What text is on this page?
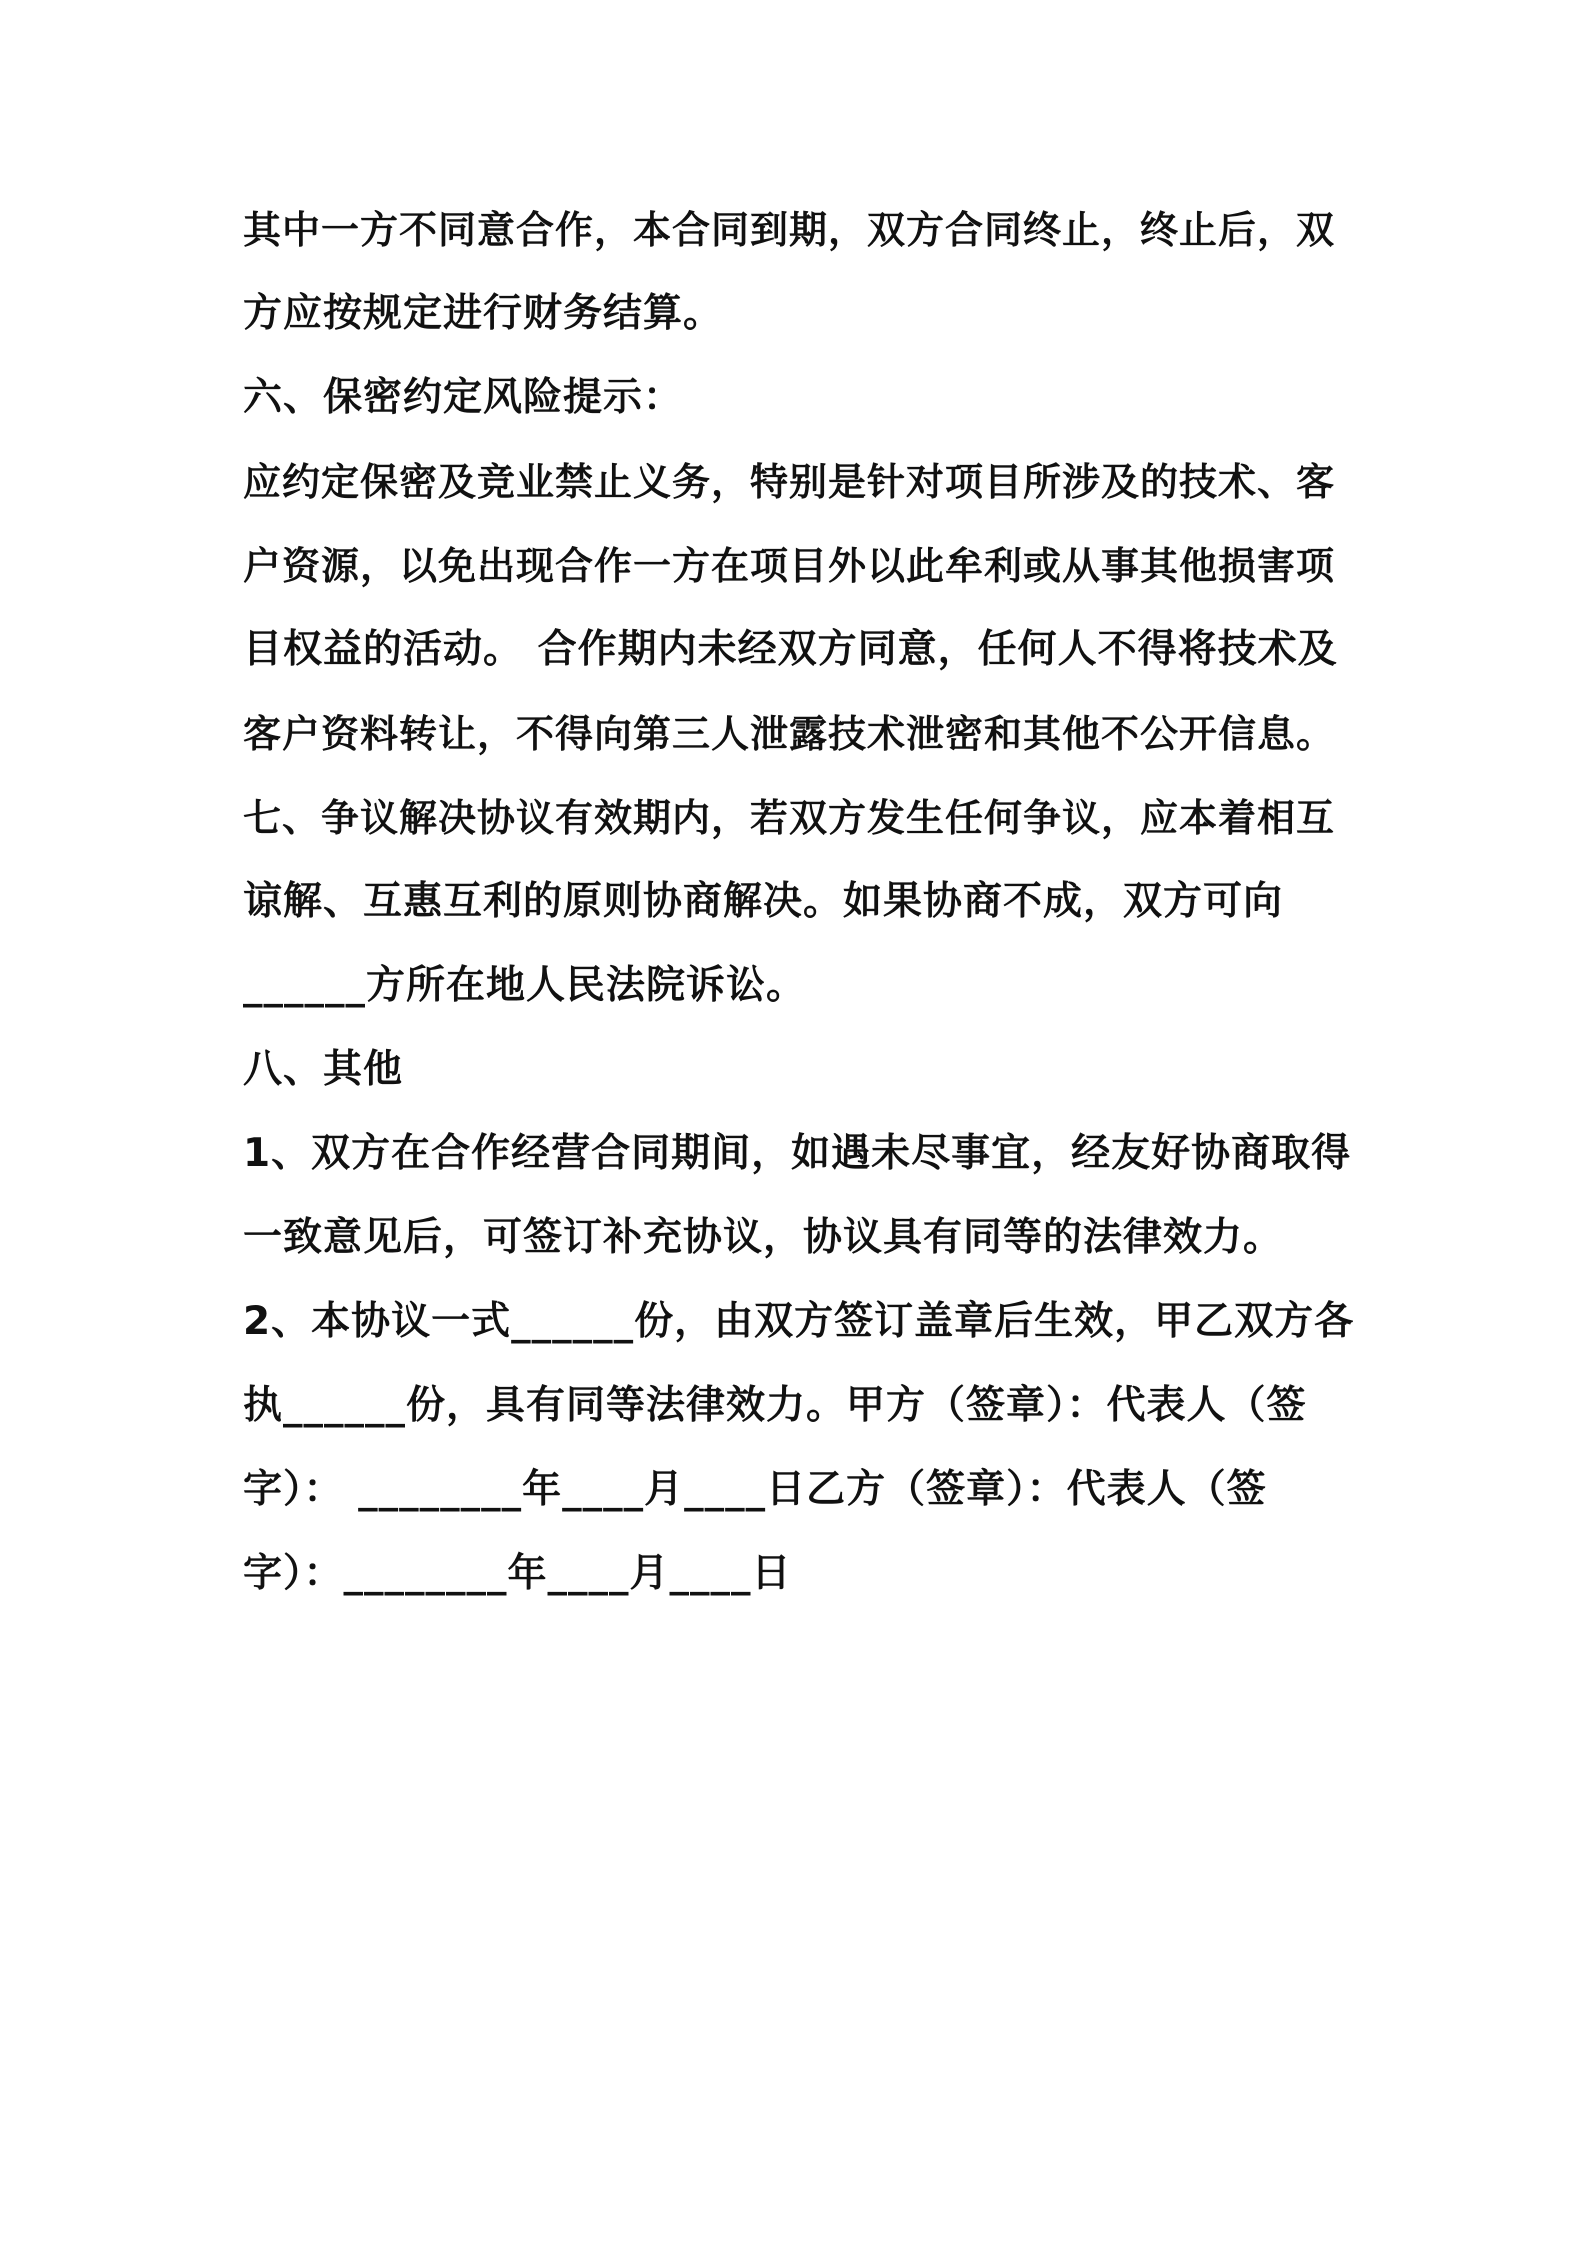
其中一方不同意合作，本合同到期，双方合同终止，终止后，双

方应按规定进行财务结算。

六、保密约定风险提示：

应约定保密及竞业禁止义务，特别是针对项目所涉及的技术、客

户资源，以免出现合作一方在项目外以此牟利或从事其他损害项

目权益的活动。 合作期内未经双方同意，任何人不得将技术及

客户资料转让，不得向第三人泄露技术泄密和其他不公开信息。

七、争议解决协议有效期内，若双方发生任何争议，应本着相互

谅解、互惠互利的原则协商解决。如果协商不成，双方可向

______方所在地人民法院诉讼。

八、其他

1、双方在合作经营合同期间，如遇未尽事宜，经友好协商取得

一致意见后，可签订补充协议，协议具有同等的法律效力。

2、本协议一式______份，由双方签订盖章后生效，甲乙双方各

执______份，具有同等法律效力。甲方（签章）：代表人（签

字）： ________年____月____日乙方（签章）：代表人（签

字）：________年____月____日
